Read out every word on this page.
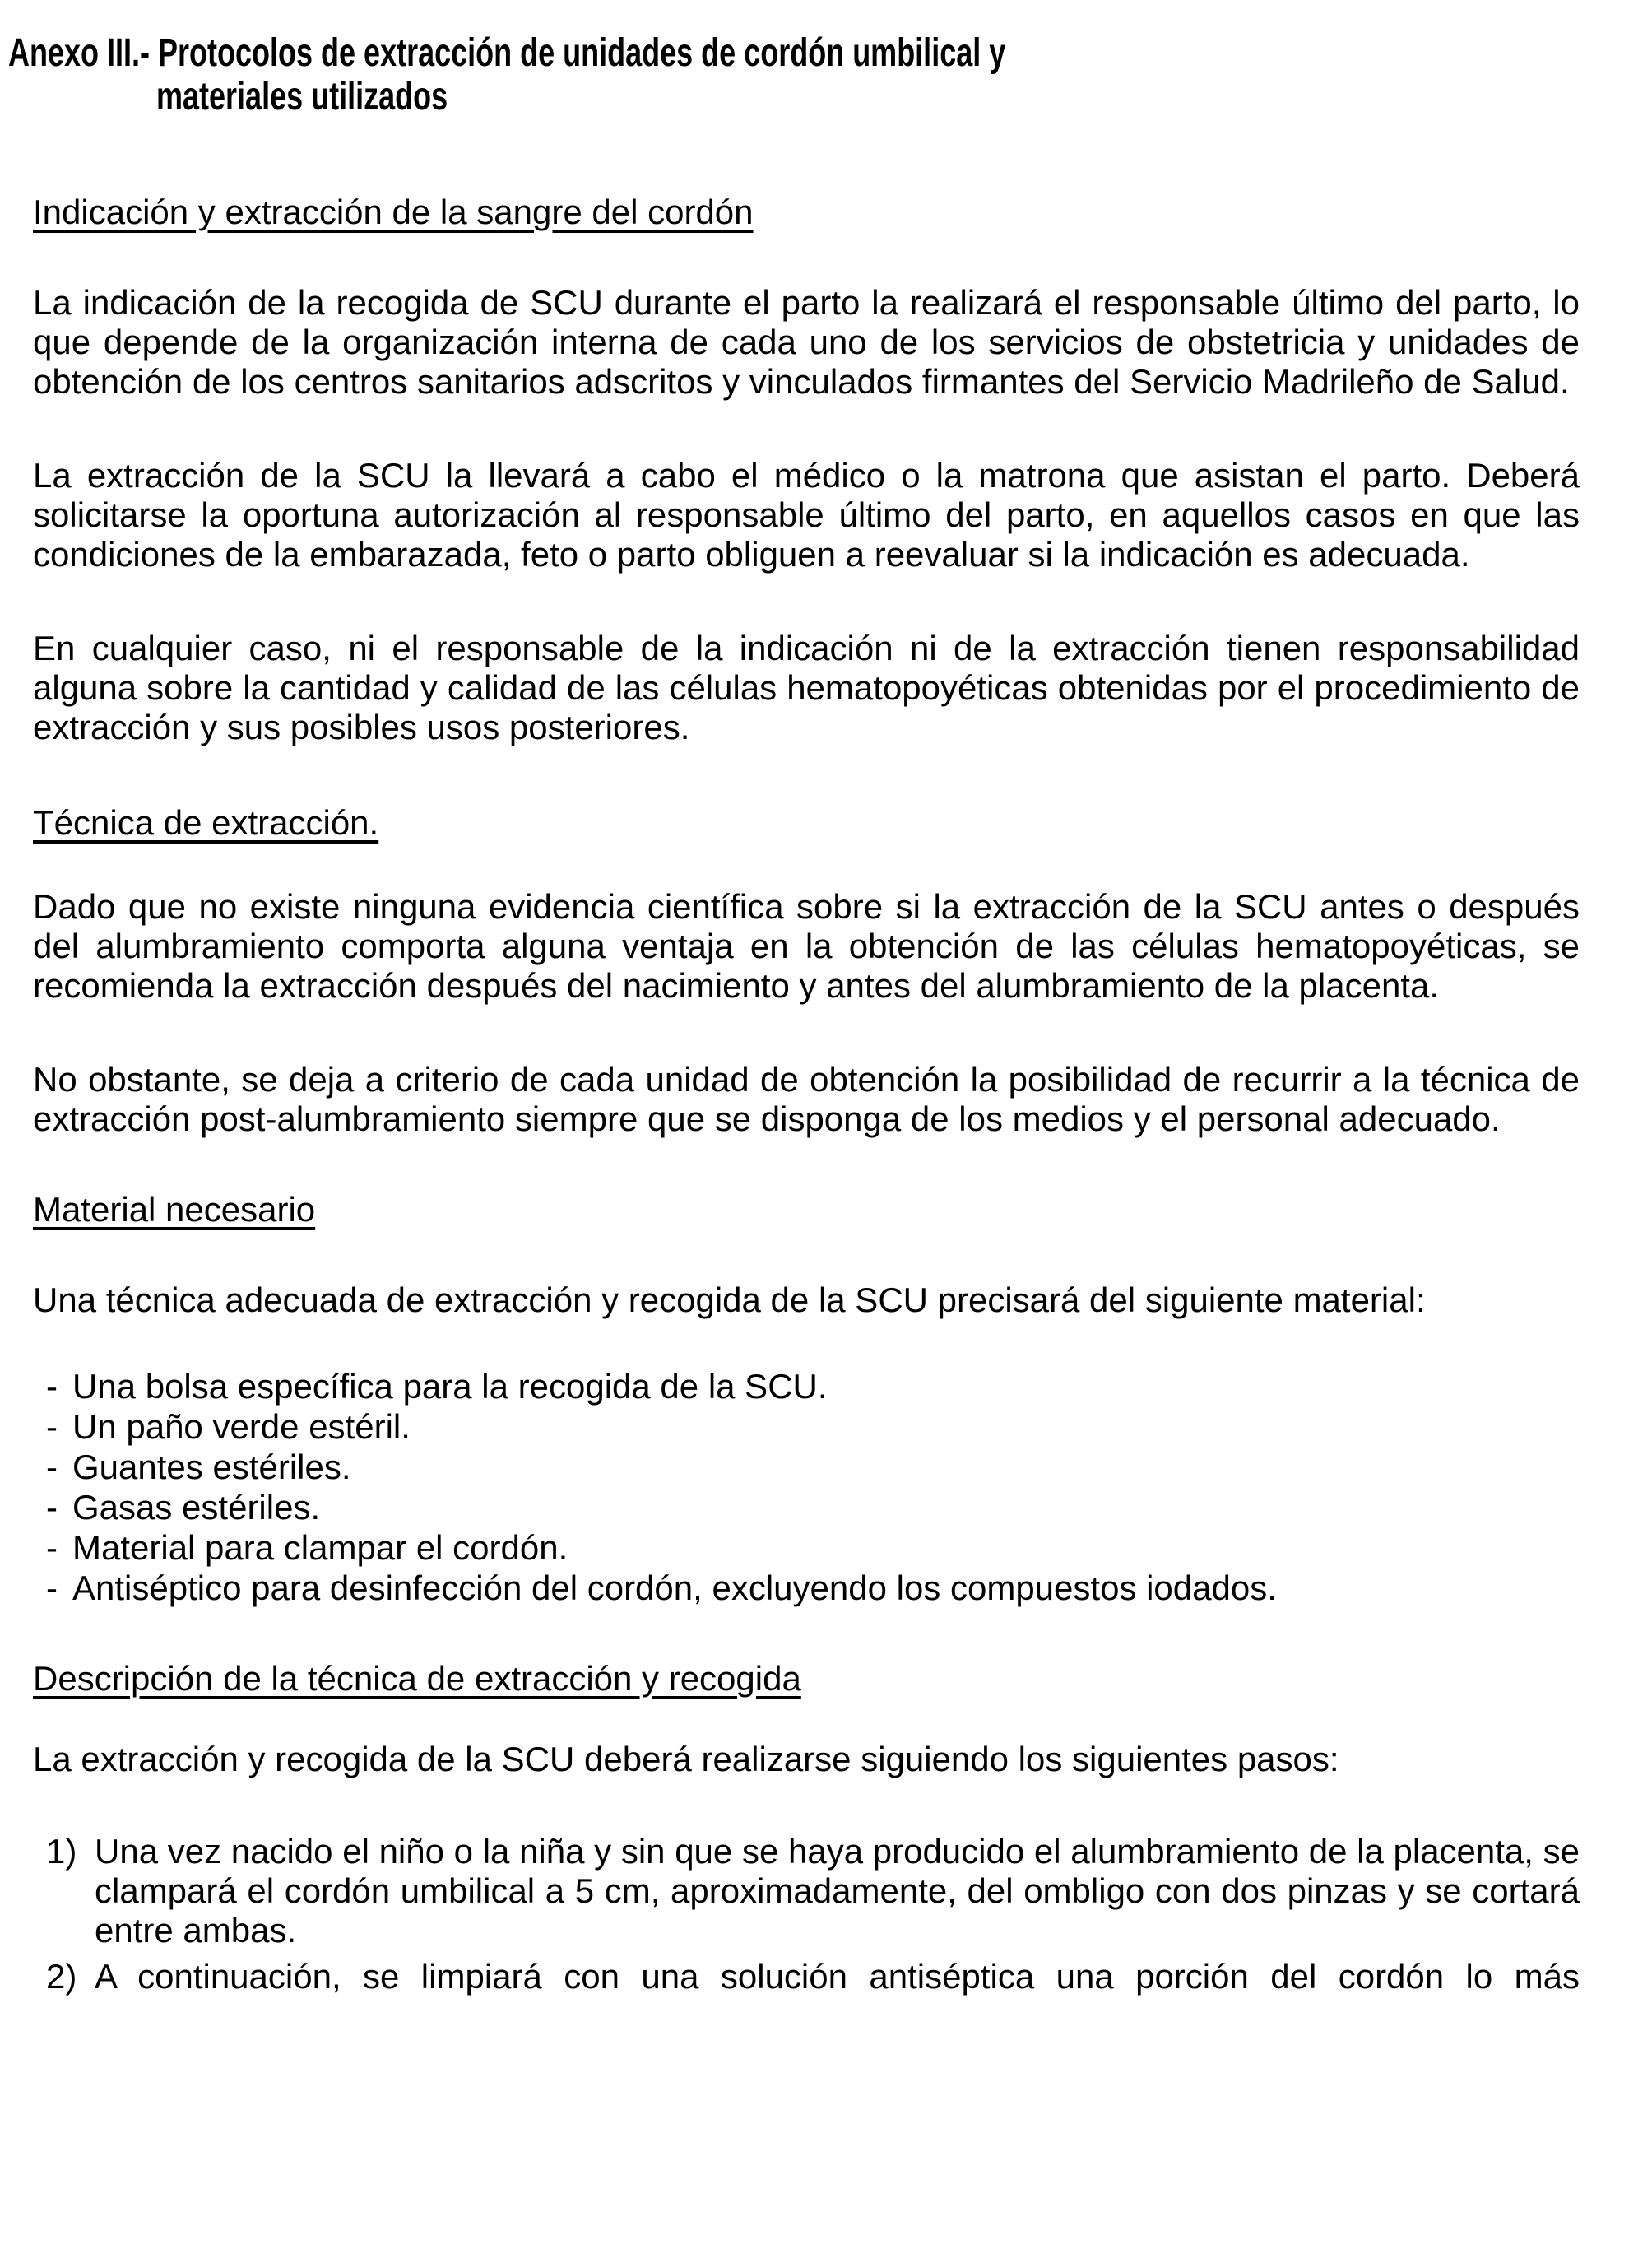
Anexo III.- Protocolos de extracción de unidades de cordón umbilical y
materiales utilizados
Indicación y extracción de la sangre del cordón

La indicación de la recogida de SCU durante el parto la realizará el responsable último del parto, lo que depende de la organización interna de cada uno de los servicios de obstetricia y unidades de obtención de los centros sanitarios adscritos y vinculados firmantes del Servicio Madrileño de Salud.

La extracción de la SCU la llevará a cabo el médico o la matrona que asistan el parto. Deberá solicitarse la oportuna autorización al responsable último del parto, en aquellos casos en que las condiciones de la embarazada, feto o parto obliguen a reevaluar si la indicación es adecuada.

En cualquier caso, ni el responsable de la indicación ni de la extracción tienen responsabilidad alguna sobre la cantidad y calidad de las células hematopoyéticas obtenidas por el procedimiento de extracción y sus posibles usos posteriores.

Técnica de extracción.

Dado que no existe ninguna evidencia científica sobre si la extracción de la SCU antes o después del alumbramiento comporta alguna ventaja en la obtención de las células hematopoyéticas, se recomienda la extracción después del nacimiento y antes del alumbramiento de la placenta.

No obstante, se deja a criterio de cada unidad de obtención la posibilidad de recurrir a la técnica de extracción post-alumbramiento siempre que se disponga de los medios y el personal adecuado.

Material necesario

Una técnica adecuada de extracción y recogida de la SCU precisará del siguiente material:

- Una bolsa específica para la recogida de la SCU.
- Un paño verde estéril.
- Guantes estériles.
- Gasas estériles.
- Material para clampar el cordón.
- Antiséptico para desinfección del cordón, excluyendo los compuestos iodados.
Descripción de la técnica de extracción y recogida

La extracción y recogida de la SCU deberá realizarse siguiendo los siguientes pasos:

1) Una vez nacido el niño o la niña y sin que se haya producido el alumbramiento de la placenta, se clampará el cordón umbilical a 5 cm, aproximadamente, del ombligo con dos pinzas y se cortará entre ambas.
2) A continuación, se limpiará con una solución antiséptica una porción del cordón lo más
